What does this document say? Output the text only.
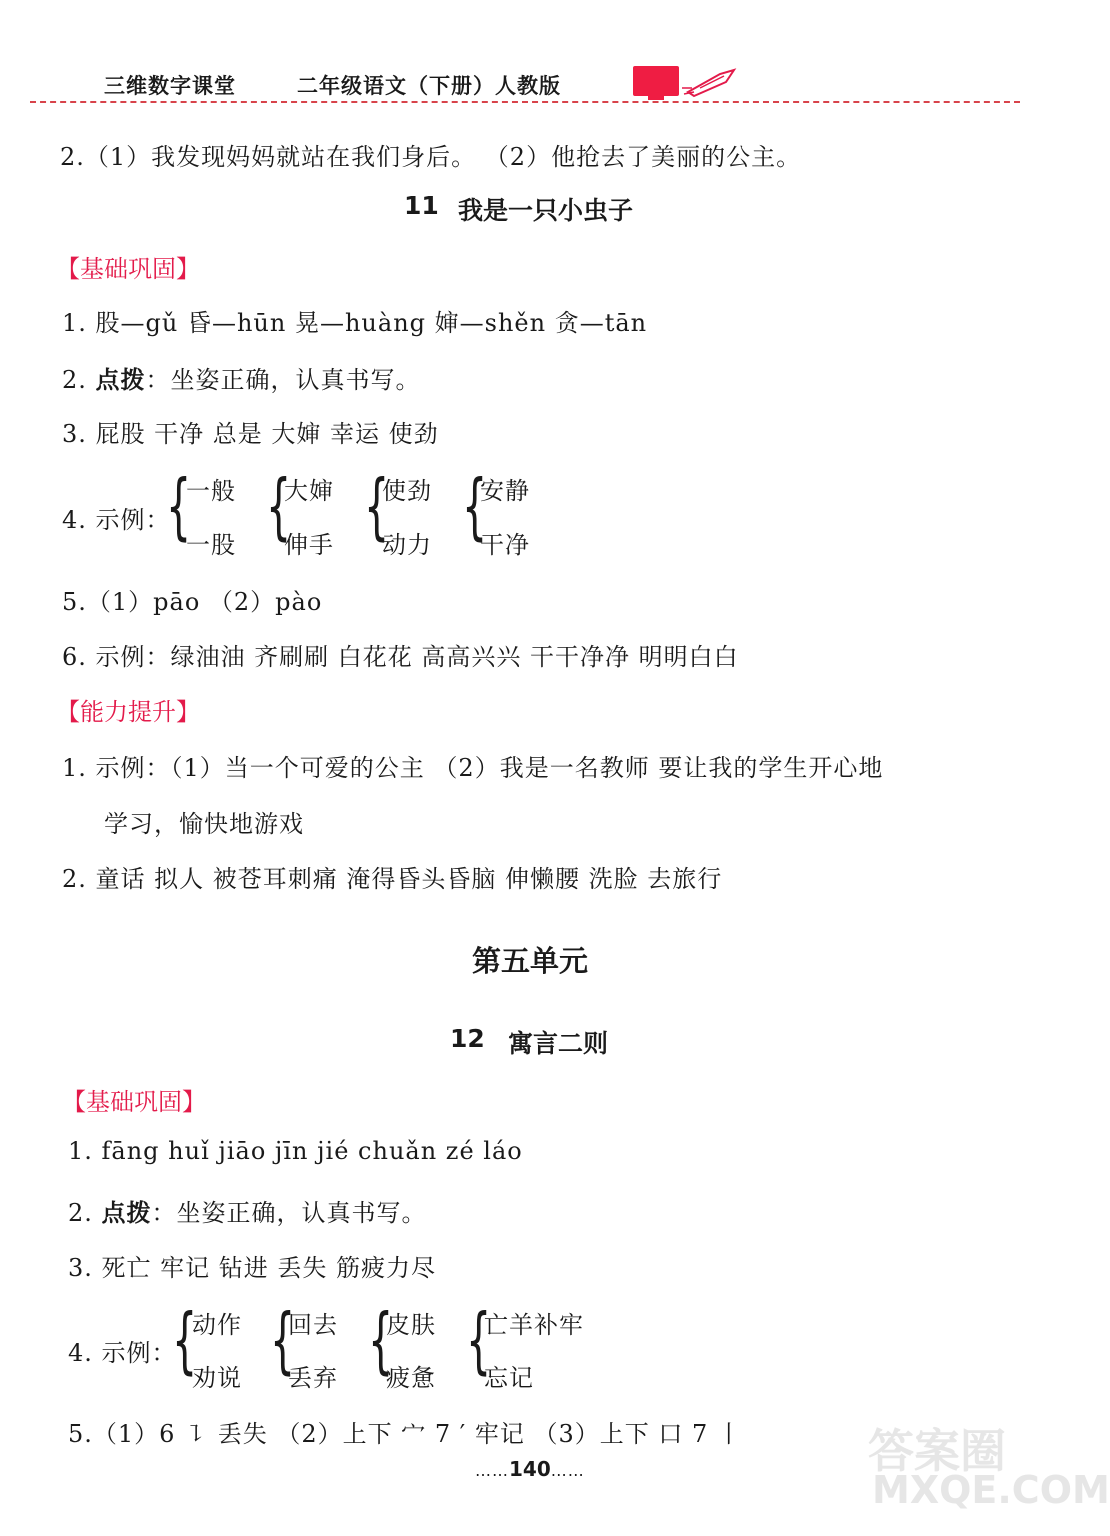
三维数字课堂	二年级语文（下册）人教版
2.（1）我发现妈妈就站在我们身后。 （2）他抢去了美丽的公主。
11 我是一只小虫子
【基础巩固】
1. 股—gǔ 昏—hūn 晃—huàng 婶—shěn 贪—tān
2. 点拨：坐姿正确，认真书写。
3. 屁股 干净 总是 大婶 幸运 使劲
4. 示例：
{
一般
一股 {
大婶
伸手 {
使劲
动力 {
安静
干净
5.（1）pāo （2）pào
6. 示例：绿油油 齐刷刷 白花花 高高兴兴 干干净净 明明白白
【能力提升】
1. 示例：（1）当一个可爱的公主 （2）我是一名教师 要让我的学生开心地
学习，愉快地游戏
2. 童话 拟人 被苍耳刺痛 淹得昏头昏脑 伸懒腰 洗脸 去旅行
第五单元
12 寓言二则
【基础巩固】
1. fāng huǐ jiāo jīn jié chuǎn zé láo
2. 点拨：坐姿正确，认真书写。
3. 死亡 牢记 钻进 丢失 筋疲力尽
4. 示例：
{
动作
劝说 {
回去
丢弃 {
皮肤
疲惫 {
亡羊补牢
忘记
5.（1）6 ㇊ 丢失 （2）上下 宀 7 ′ 牢记 （3）上下 口 7 丨
……140……	答案圈
MXQE.COM
